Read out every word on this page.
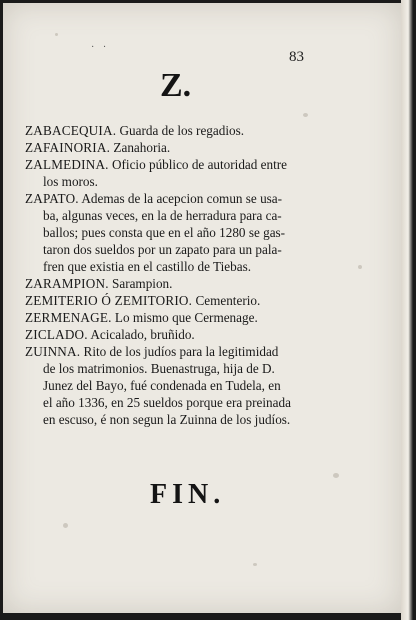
· ·
83
Z.
ZABACEQUIA. Guarda de los regadios.
ZAFAINORIA. Zanahoria.
ZALMEDINA. Oficio público de autoridad entre
los moros.
ZAPATO. Ademas de la acepcion comun se usa-
ba, algunas veces, en la de herradura para ca-
ballos; pues consta que en el año 1280 se gas-
taron dos sueldos por un zapato para un pala-
fren que existia en el castillo de Tiebas.
ZARAMPION. Sarampion.
ZEMITERIO Ó ZEMITORIO. Cementerio.
ZERMENAGE. Lo mismo que Cermenage.
ZICLADO. Acicalado, bruñido.
ZUINNA. Rito de los judíos para la legitimidad
de los matrimonios. Buenastruga, hija de D.
Junez del Bayo, fué condenada en Tudela, en
el año 1336, en 25 sueldos porque era preinada
en escuso, é non segun la Zuinna de los judíos.
FIN.
